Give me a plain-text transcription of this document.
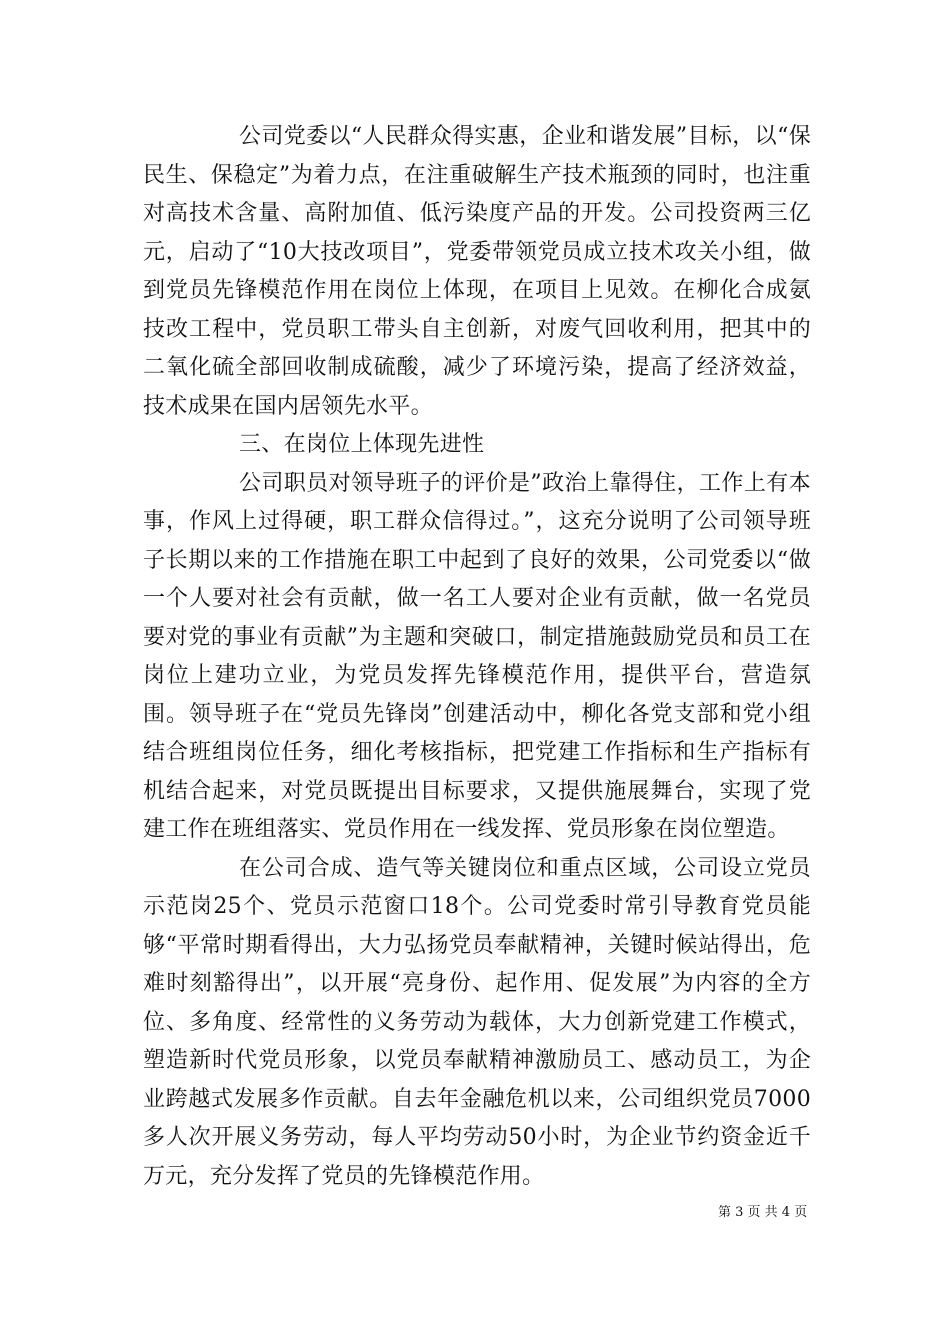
公司党委以“人民群众得实惠，企业和谐发展”目标，以“保民生、保稳定”为着力点，在注重破解生产技术瓶颈的同时，也注重对高技术含量、高附加值、低污染度产品的开发。公司投资两三亿元，启动了“10大技改项目”，党委带领党员成立技术攻关小组，做到党员先锋模范作用在岗位上体现，在项目上见效。在柳化合成氨技改工程中，党员职工带头自主创新，对废气回收利用，把其中的二氧化硫全部回收制成硫酸，减少了环境污染，提高了经济效益，技术成果在国内居领先水平。

三、在岗位上体现先进性

公司职员对领导班子的评价是”政治上靠得住，工作上有本事，作风上过得硬，职工群众信得过。”，这充分说明了公司领导班子长期以来的工作措施在职工中起到了良好的效果，公司党委以“做一个人要对社会有贡献，做一名工人要对企业有贡献，做一名党员要对党的事业有贡献”为主题和突破口，制定措施鼓励党员和员工在岗位上建功立业，为党员发挥先锋模范作用，提供平台，营造氛围。领导班子在“党员先锋岗”创建活动中，柳化各党支部和党小组结合班组岗位任务，细化考核指标，把党建工作指标和生产指标有机结合起来，对党员既提出目标要求，又提供施展舞台，实现了党建工作在班组落实、党员作用在一线发挥、党员形象在岗位塑造。

在公司合成、造气等关键岗位和重点区域，公司设立党员示范岗25个、党员示范窗口18个。公司党委时常引导教育党员能够“平常时期看得出，大力弘扬党员奉献精神，关键时候站得出，危难时刻豁得出”，以开展“亮身份、起作用、促发展”为内容的全方位、多角度、经常性的义务劳动为载体，大力创新党建工作模式，塑造新时代党员形象，以党员奉献精神激励员工、感动员工，为企业跨越式发展多作贡献。自去年金融危机以来，公司组织党员7000多人次开展义务劳动，每人平均劳动50小时，为企业节约资金近千万元，充分发挥了党员的先锋模范作用。

第 3 页 共 4 页
